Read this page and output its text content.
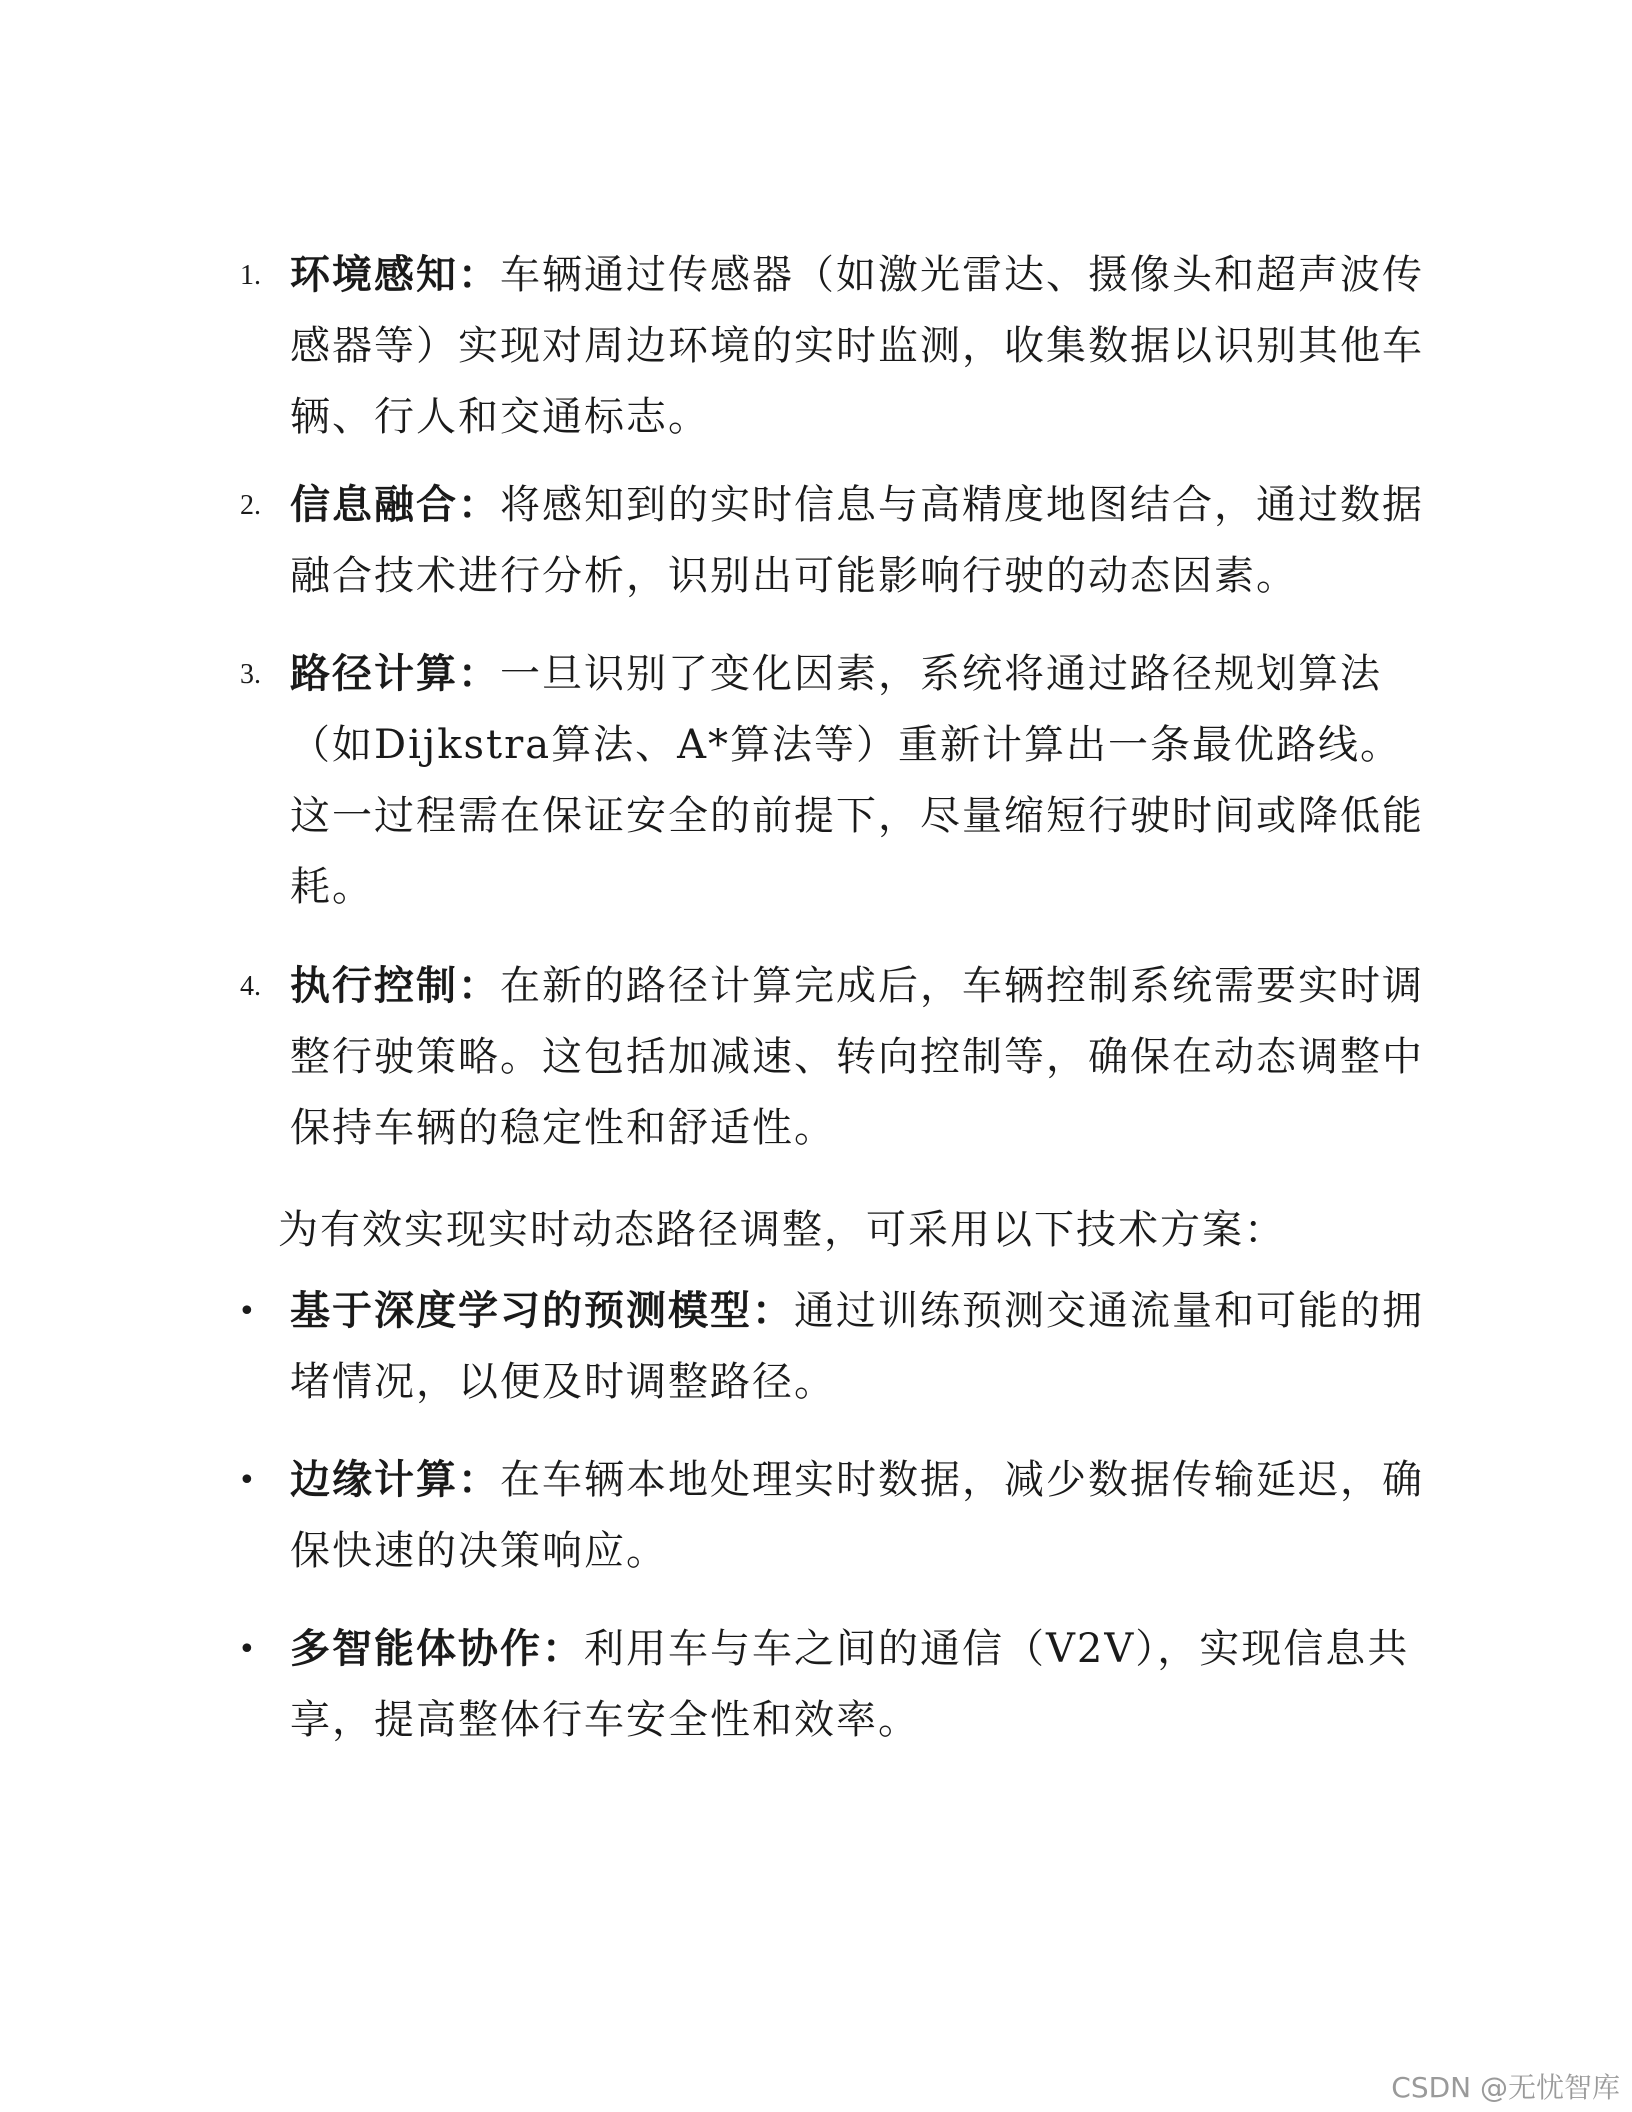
1. 环境感知：车辆通过传感器（如激光雷达、摄像头和超声波传感器等）实现对周边环境的实时监测，收集数据以识别其他车辆、行人和交通标志。
2. 信息融合：将感知到的实时信息与高精度地图结合，通过数据融合技术进行分析，识别出可能影响行驶的动态因素。
3. 路径计算：一旦识别了变化因素，系统将通过路径规划算法（如Dijkstra算法、A*算法等）重新计算出一条最优路线。这一过程需在保证安全的前提下，尽量缩短行驶时间或降低能耗。
4. 执行控制：在新的路径计算完成后，车辆控制系统需要实时调整行驶策略。这包括加减速、转向控制等，确保在动态调整中保持车辆的稳定性和舒适性。
为有效实现实时动态路径调整，可采用以下技术方案：
• 基于深度学习的预测模型：通过训练预测交通流量和可能的拥堵情况，以便及时调整路径。
• 边缘计算：在车辆本地处理实时数据，减少数据传输延迟，确保快速的决策响应。
• 多智能体协作：利用车与车之间的通信（V2V），实现信息共享，提高整体行车安全性和效率。
CSDN @无忧智库
